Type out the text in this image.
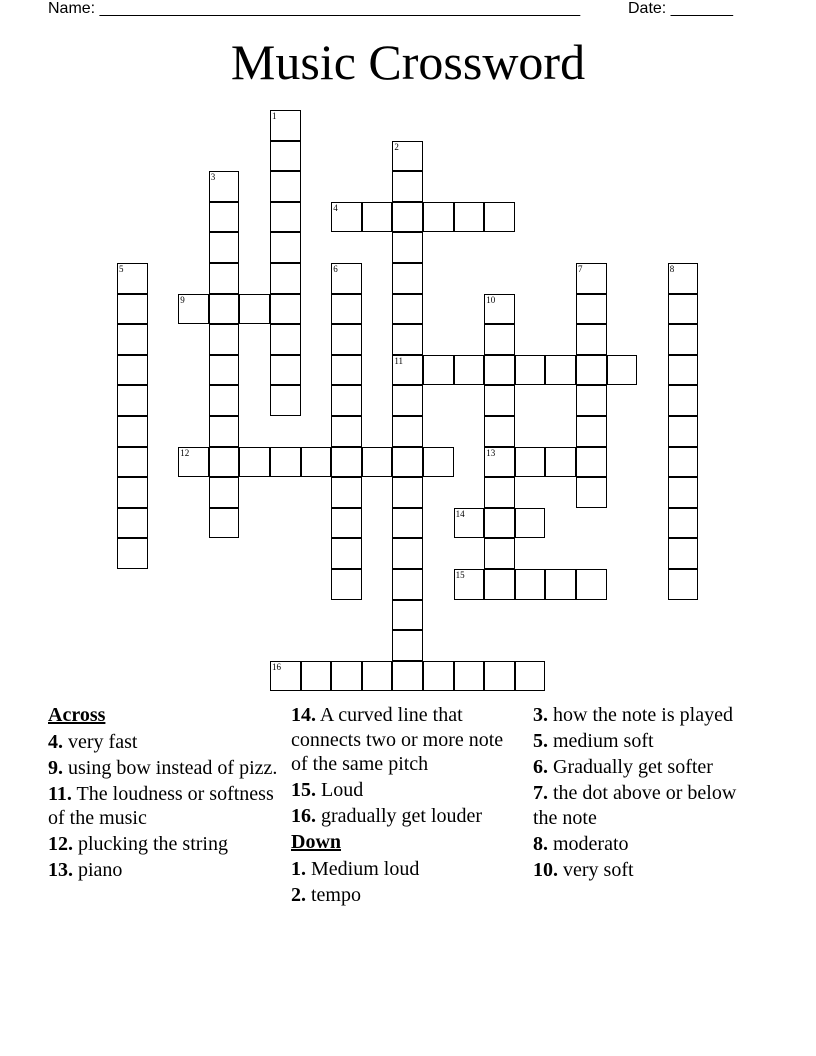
Name: ______________________________________________________	Date: _______
Music Crossword
1
2
11
3
4
5	6	7	8
9	10
13
12
14
15
16
Across
4. very fast
9. using bow instead of pizz.
11. The loudness or softness of the music
12. plucking the string
13. piano
14. A curved line that connects two or more note of the same pitch
15. Loud
16. gradually get louder
Down
1. Medium loud
2. tempo
3. how the note is played
5. medium soft
6. Gradually get softer
7. the dot above or below the note
8. moderato
10. very soft
